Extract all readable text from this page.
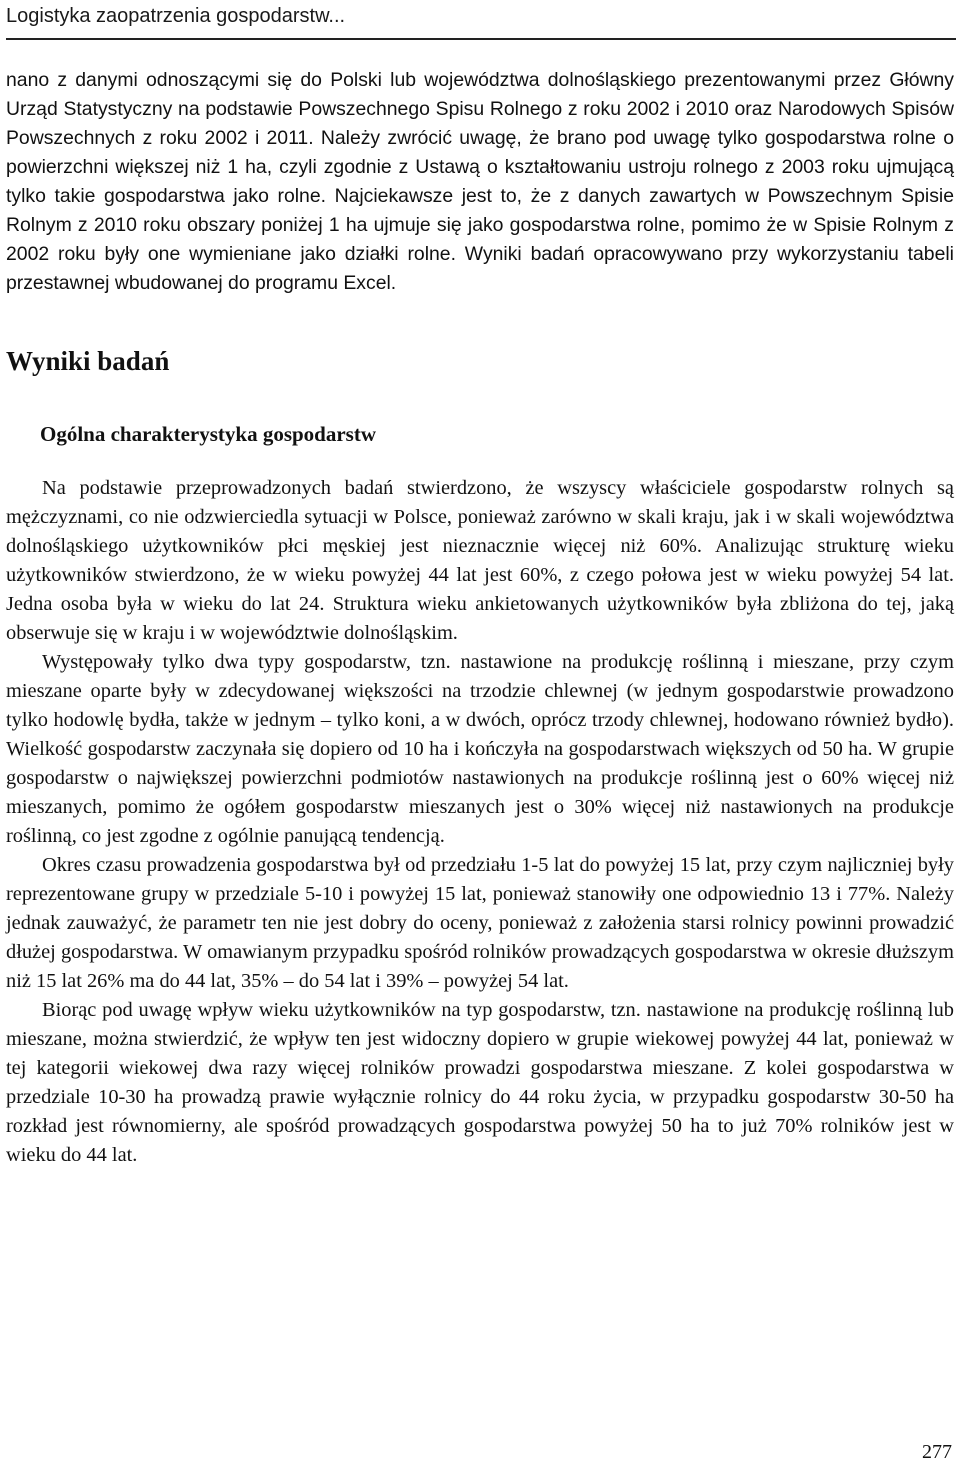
Logistyka zaopatrzenia gospodarstw...

nano z danymi odnoszącymi się do Polski lub województwa dolnośląskiego prezentowanymi przez Główny Urząd Statystyczny na podstawie Powszechnego Spisu Rolnego z roku 2002 i 2010 oraz Narodowych Spisów Powszechnych z roku 2002 i 2011. Należy zwrócić uwagę, że brano pod uwagę tylko gospodarstwa rolne o powierzchni większej niż 1 ha, czyli zgodnie z Ustawą o kształtowaniu ustroju rolnego z 2003 roku ujmującą tylko takie gospodarstwa jako rolne. Najciekawsze jest to, że z danych zawartych w Powszechnym Spisie Rolnym z 2010 roku obszary poniżej 1 ha ujmuje się jako gospodarstwa rolne, pomimo że w Spisie Rolnym z 2002 roku były one wymieniane jako działki rolne. Wyniki badań opracowywano przy wykorzystaniu tabeli przestawnej wbudowanej do programu Excel.

Wyniki badań
Ogólna charakterystyka gospodarstw

Na podstawie przeprowadzonych badań stwierdzono, że wszyscy właściciele gospodarstw rolnych są mężczyznami, co nie odzwierciedla sytuacji w Polsce, ponieważ zarówno w skali kraju, jak i w skali województwa dolnośląskiego użytkowników płci męskiej jest nieznacznie więcej niż 60%. Analizując strukturę wieku użytkowników stwierdzono, że w wieku powyżej 44 lat jest 60%, z czego połowa jest w wieku powyżej 54 lat. Jedna osoba była w wieku do lat 24. Struktura wieku ankietowanych użytkowników była zbliżona do tej, jaką obserwuje się w kraju i w województwie dolnośląskim.

Występowały tylko dwa typy gospodarstw, tzn. nastawione na produkcję roślinną i mieszane, przy czym mieszane oparte były w zdecydowanej większości na trzodzie chlewnej (w jednym gospodarstwie prowadzono tylko hodowlę bydła, także w jednym – tylko koni, a w dwóch, oprócz trzody chlewnej, hodowano również bydło). Wielkość gospodarstw zaczynała się dopiero od 10 ha i kończyła na gospodarstwach większych od 50 ha. W grupie gospodarstw o największej powierzchni podmiotów nastawionych na produkcje roślinną jest o 60% więcej niż mieszanych, pomimo że ogółem gospodarstw mieszanych jest o 30% więcej niż nastawionych na produkcje roślinną, co jest zgodne z ogólnie panującą tendencją.

Okres czasu prowadzenia gospodarstwa był od przedziału 1-5 lat do powyżej 15 lat, przy czym najliczniej były reprezentowane grupy w przedziale 5-10 i powyżej 15 lat, ponieważ stanowiły one odpowiednio 13 i 77%. Należy jednak zauważyć, że parametr ten nie jest dobry do oceny, ponieważ z założenia starsi rolnicy powinni prowadzić dłużej gospodarstwa. W omawianym przypadku spośród rolników prowadzących gospodarstwa w okresie dłuższym niż 15 lat 26% ma do 44 lat, 35% – do 54 lat i 39% – powyżej 54 lat.

Biorąc pod uwagę wpływ wieku użytkowników na typ gospodarstw, tzn. nastawione na produkcję roślinną lub mieszane, można stwierdzić, że wpływ ten jest widoczny dopiero w grupie wiekowej powyżej 44 lat, ponieważ w tej kategorii wiekowej dwa razy więcej rolników prowadzi gospodarstwa mieszane. Z kolei gospodarstwa w przedziale 10-30 ha prowadzą prawie wyłącznie rolnicy do 44 roku życia, w przypadku gospodarstw 30-50 ha rozkład jest równomierny, ale spośród prowadzących gospodarstwa powyżej 50 ha to już 70% rolników jest w wieku do 44 lat.

277
